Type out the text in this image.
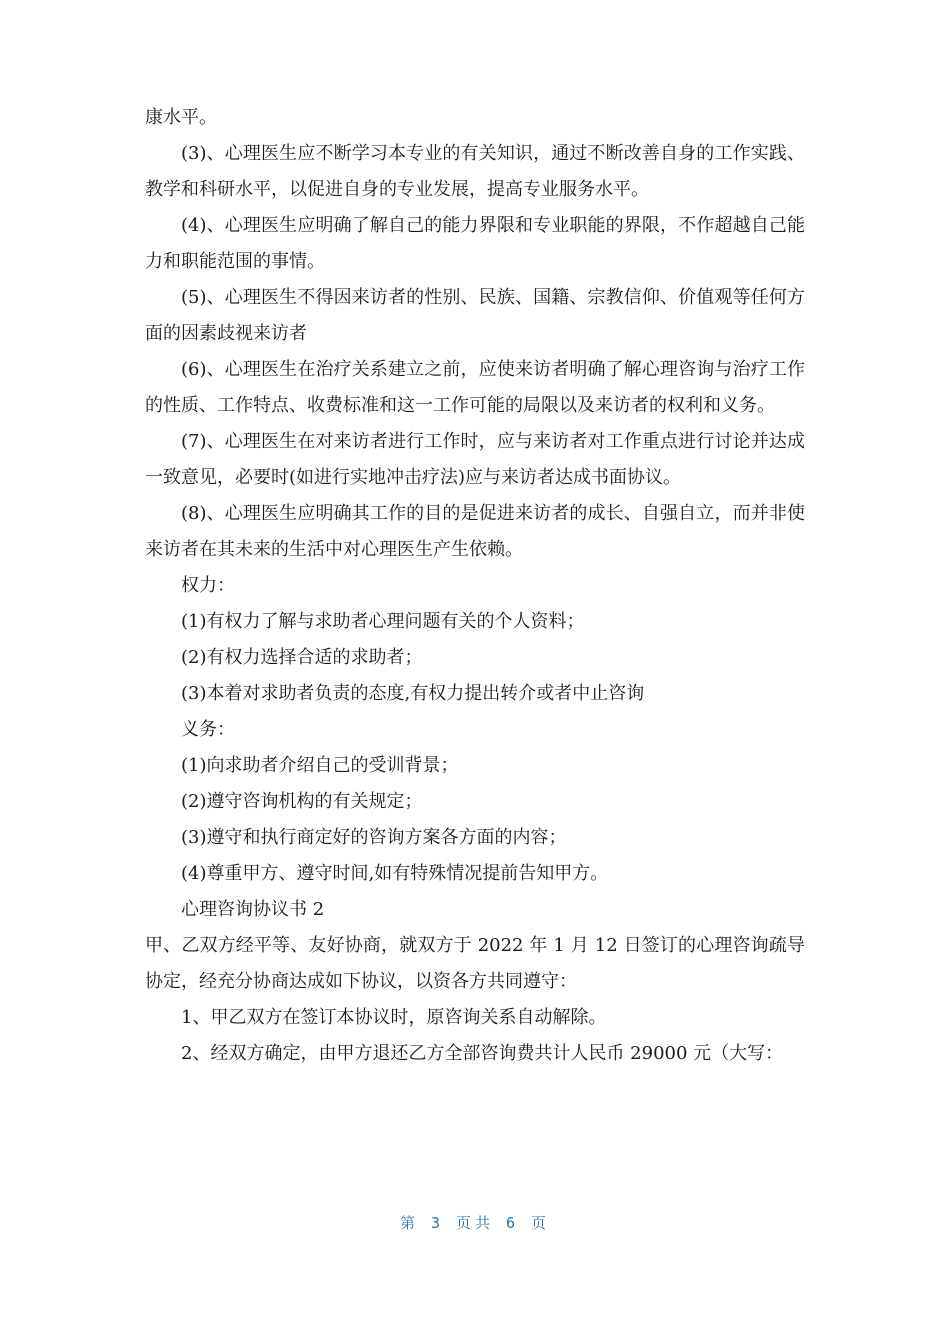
康水平。

(3)、心理医生应不断学习本专业的有关知识，通过不断改善自身的工作实践、教学和科研水平，以促进自身的专业发展，提高专业服务水平。

(4)、心理医生应明确了解自己的能力界限和专业职能的界限，不作超越自己能力和职能范围的事情。

(5)、心理医生不得因来访者的性别、民族、国籍、宗教信仰、价值观等任何方面的因素歧视来访者

(6)、心理医生在治疗关系建立之前，应使来访者明确了解心理咨询与治疗工作的性质、工作特点、收费标准和这一工作可能的局限以及来访者的权利和义务。

(7)、心理医生在对来访者进行工作时，应与来访者对工作重点进行讨论并达成一致意见，必要时(如进行实地冲击疗法)应与来访者达成书面协议。

(8)、心理医生应明确其工作的目的是促进来访者的成长、自强自立，而并非使来访者在其未来的生活中对心理医生产生依赖。

权力：

(1)有权力了解与求助者心理问题有关的个人资料；

(2)有权力选择合适的求助者；

(3)本着对求助者负责的态度,有权力提出转介或者中止咨询

义务：

(1)向求助者介绍自己的受训背景；

(2)遵守咨询机构的有关规定；

(3)遵守和执行商定好的咨询方案各方面的内容；

(4)尊重甲方、遵守时间,如有特殊情况提前告知甲方。

心理咨询协议书 2

甲、乙双方经平等、友好协商，就双方于 2022 年 1 月 12 日签订的心理咨询疏导协定，经充分协商达成如下协议，以资各方共同遵守：

1、甲乙双方在签订本协议时，原咨询关系自动解除。

2、经双方确定，由甲方退还乙方全部咨询费共计人民币 29000 元（大写：

第 3 页共 6 页
